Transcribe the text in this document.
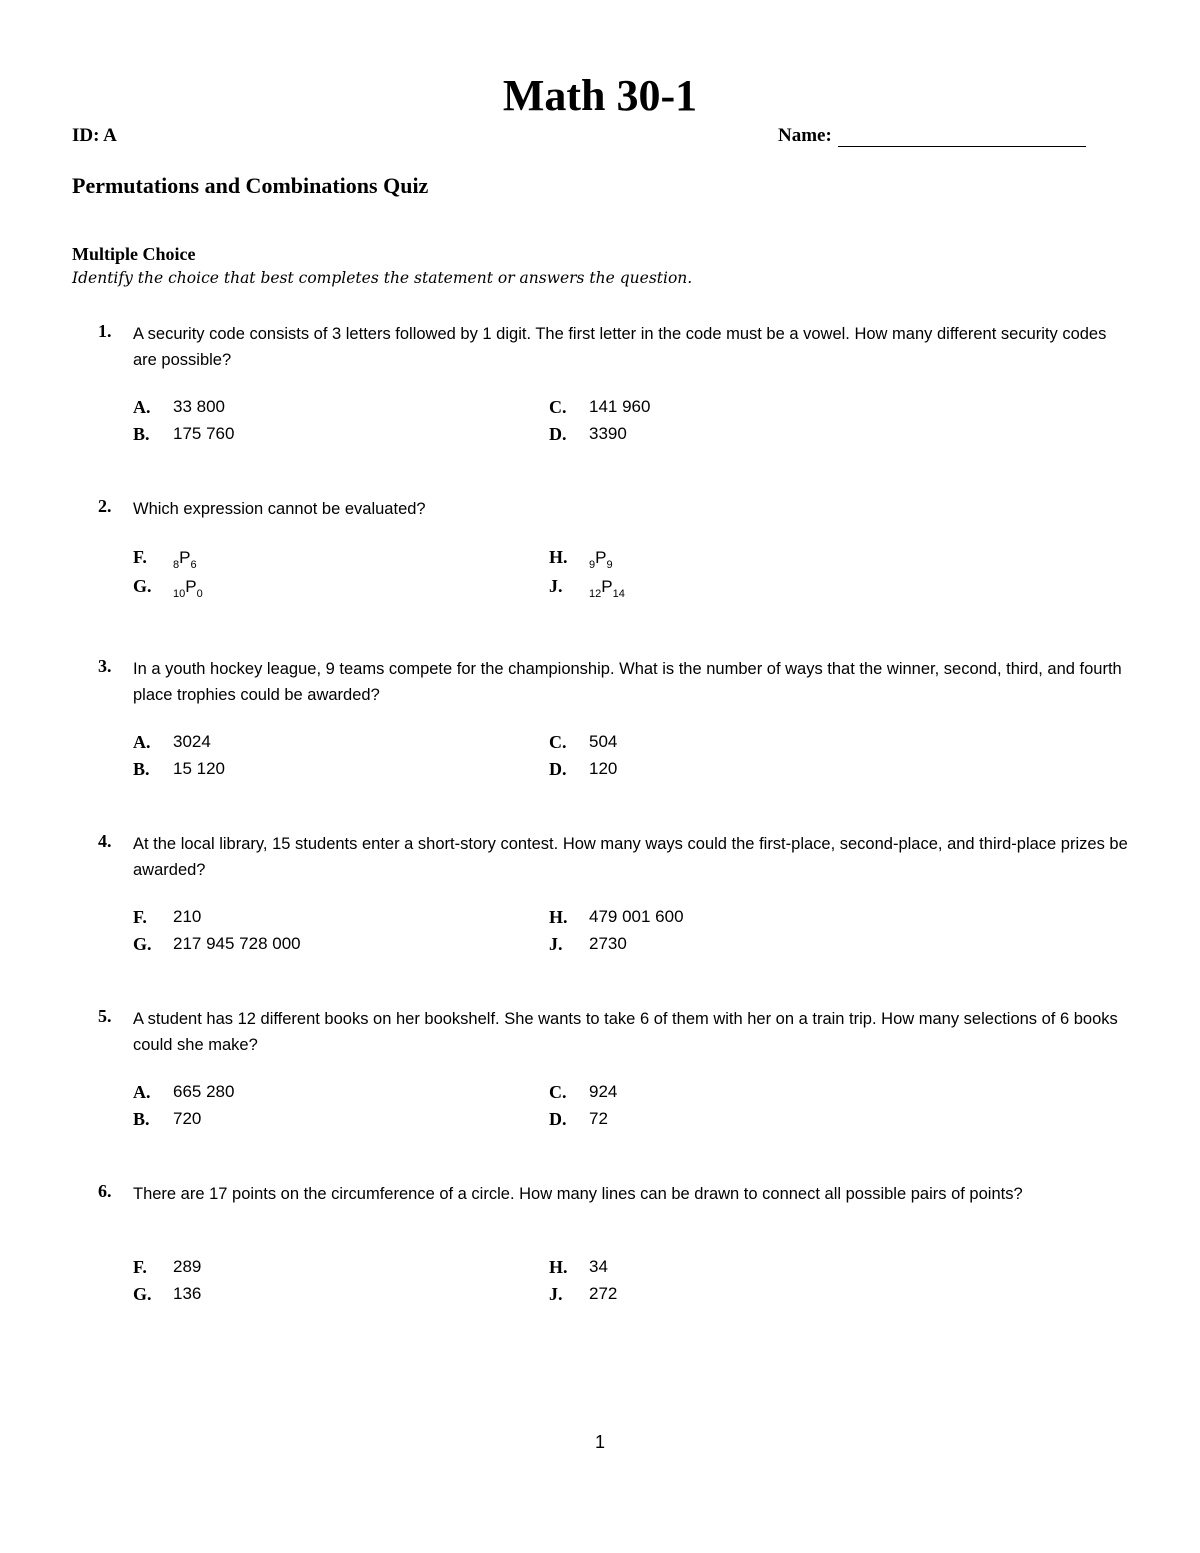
Math 30-1
ID: A	Name:
Permutations and Combinations Quiz
Multiple Choice
Identify the choice that best completes the statement or answers the question.
1. A security code consists of 3 letters followed by 1 digit. The first letter in the code must be a vowel. How many different security codes are possible?
A. 33 800
B. 175 760
C. 141 960
D. 3390
2. Which expression cannot be evaluated?
F. $_8P_6$
G. $_{10}P_0$
H. $_9P_9$
J. $_{12}P_{14}$
3. In a youth hockey league, 9 teams compete for the championship. What is the number of ways that the winner, second, third, and fourth place trophies could be awarded?
A. 3024
B. 15 120
C. 504
D. 120
4. At the local library, 15 students enter a short-story contest. How many ways could the first-place, second-place, and third-place prizes be awarded?
F. 210
G. 217 945 728 000
H. 479 001 600
J. 2730
5. A student has 12 different books on her bookshelf. She wants to take 6 of them with her on a train trip. How many selections of 6 books could she make?
A. 665 280
B. 720
C. 924
D. 72
6. There are 17 points on the circumference of a circle. How many lines can be drawn to connect all possible pairs of points?
F. 289
G. 136
H. 34
J. 272
1
